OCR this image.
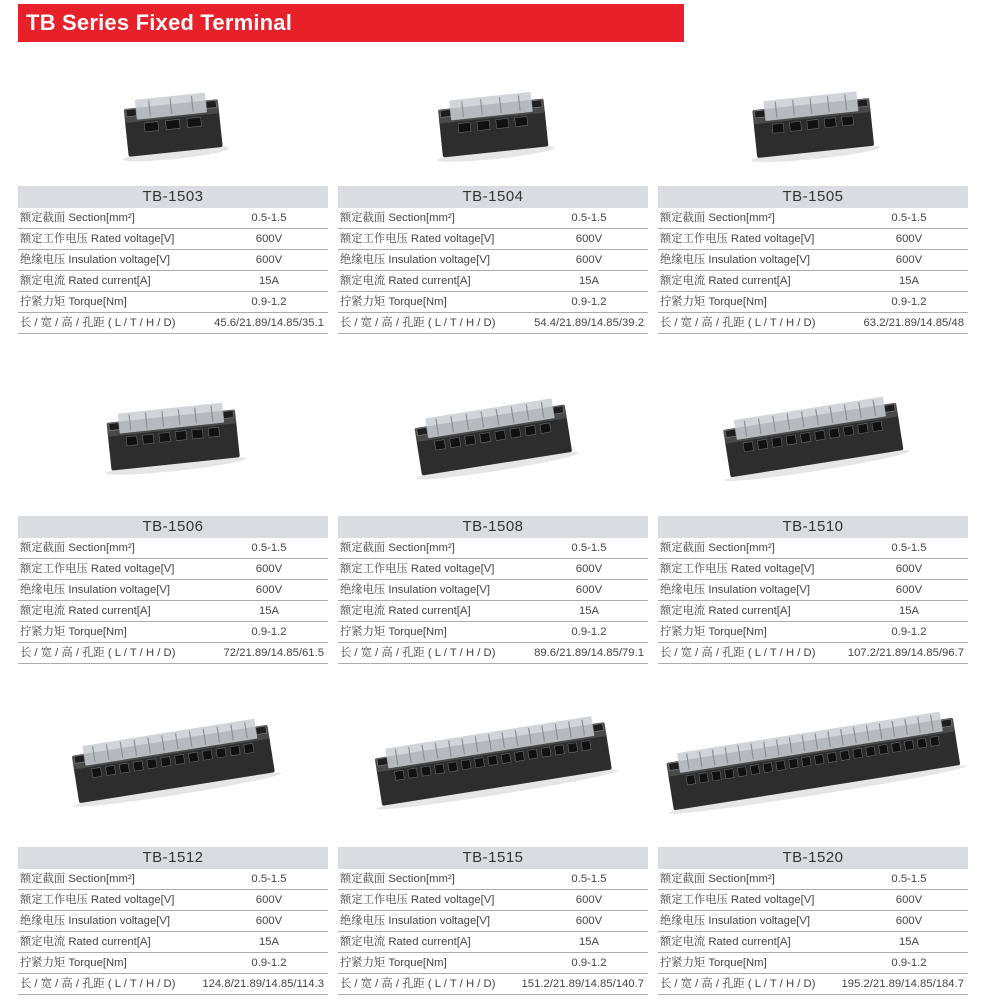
TB Series Fixed Terminal
TB-1503
额定截面 Section[mm²]	0.5-1.5
额定工作电压 Rated voltage[V]	600V
绝缘电压 Insulation voltage[V]	600V
额定电流 Rated current[A]	15A
拧紧力矩 Torque[Nm]	0.9-1.2
长 / 宽 / 高 / 孔距 ( L / T / H / D)	45.6/21.89/14.85/35.1
TB-1504
额定截面 Section[mm²]	0.5-1.5
额定工作电压 Rated voltage[V]	600V
绝缘电压 Insulation voltage[V]	600V
额定电流 Rated current[A]	15A
拧紧力矩 Torque[Nm]	0.9-1.2
长 / 宽 / 高 / 孔距 ( L / T / H / D)	54.4/21.89/14.85/39.2
TB-1505
额定截面 Section[mm²]	0.5-1.5
额定工作电压 Rated voltage[V]	600V
绝缘电压 Insulation voltage[V]	600V
额定电流 Rated current[A]	15A
拧紧力矩 Torque[Nm]	0.9-1.2
长 / 宽 / 高 / 孔距 ( L / T / H / D)	63.2/21.89/14.85/48
TB-1506
额定截面 Section[mm²]	0.5-1.5
额定工作电压 Rated voltage[V]	600V
绝缘电压 Insulation voltage[V]	600V
额定电流 Rated current[A]	15A
拧紧力矩 Torque[Nm]	0.9-1.2
长 / 宽 / 高 / 孔距 ( L / T / H / D)	72/21.89/14.85/61.5
TB-1508
额定截面 Section[mm²]	0.5-1.5
额定工作电压 Rated voltage[V]	600V
绝缘电压 Insulation voltage[V]	600V
额定电流 Rated current[A]	15A
拧紧力矩 Torque[Nm]	0.9-1.2
长 / 宽 / 高 / 孔距 ( L / T / H / D)	89.6/21.89/14.85/79.1
TB-1510
额定截面 Section[mm²]	0.5-1.5
额定工作电压 Rated voltage[V]	600V
绝缘电压 Insulation voltage[V]	600V
额定电流 Rated current[A]	15A
拧紧力矩 Torque[Nm]	0.9-1.2
长 / 宽 / 高 / 孔距 ( L / T / H / D)	107.2/21.89/14.85/96.7
TB-1512
额定截面 Section[mm²]	0.5-1.5
额定工作电压 Rated voltage[V]	600V
绝缘电压 Insulation voltage[V]	600V
额定电流 Rated current[A]	15A
拧紧力矩 Torque[Nm]	0.9-1.2
长 / 宽 / 高 / 孔距 ( L / T / H / D)	124.8/21.89/14.85/114.3
TB-1515
额定截面 Section[mm²]	0.5-1.5
额定工作电压 Rated voltage[V]	600V
绝缘电压 Insulation voltage[V]	600V
额定电流 Rated current[A]	15A
拧紧力矩 Torque[Nm]	0.9-1.2
长 / 宽 / 高 / 孔距 ( L / T / H / D)	151.2/21.89/14.85/140.7
TB-1520
额定截面 Section[mm²]	0.5-1.5
额定工作电压 Rated voltage[V]	600V
绝缘电压 Insulation voltage[V]	600V
额定电流 Rated current[A]	15A
拧紧力矩 Torque[Nm]	0.9-1.2
长 / 宽 / 高 / 孔距 ( L / T / H / D)	195.2/21.89/14.85/184.7
